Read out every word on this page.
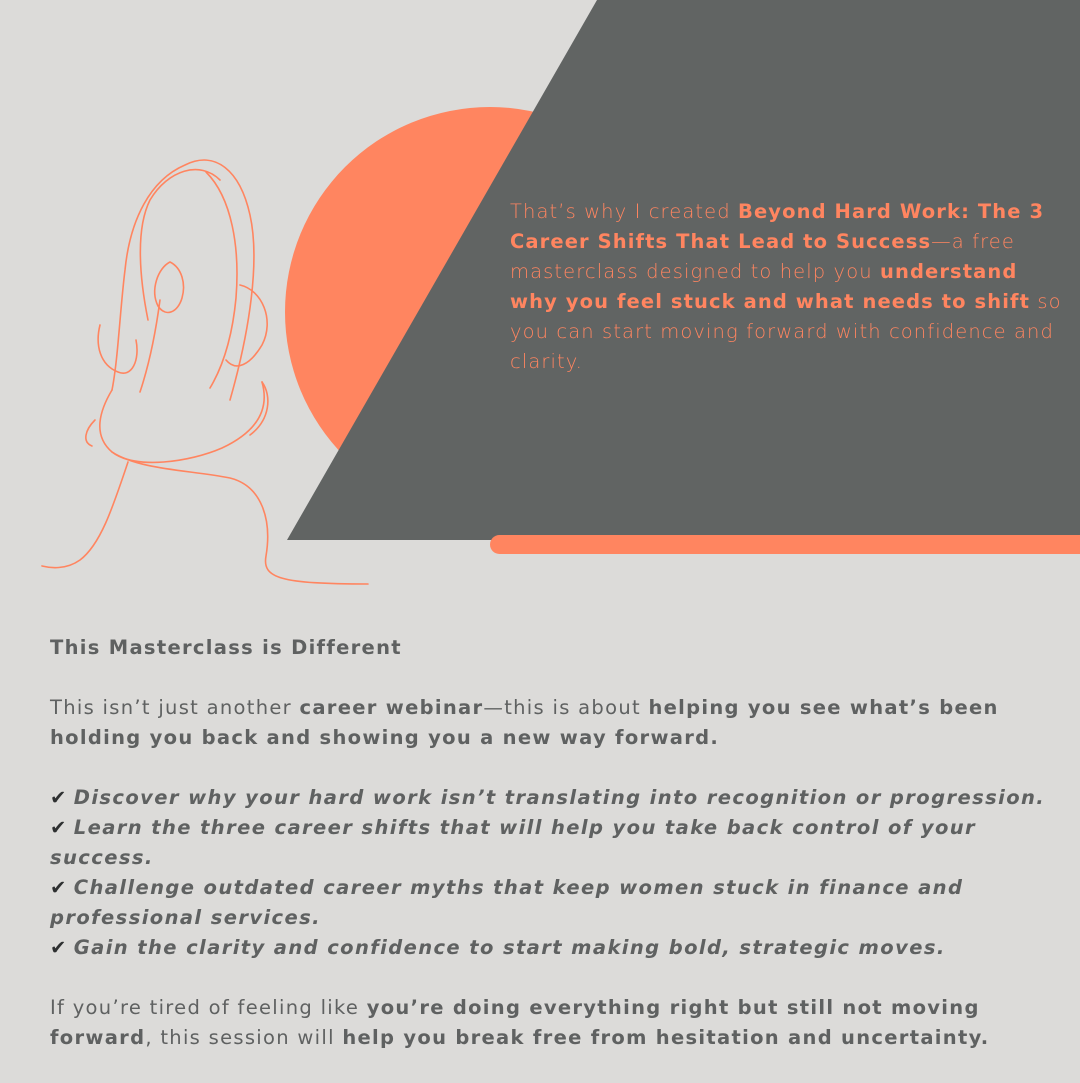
That’s why I created Beyond Hard Work: The 3 Career Shifts That Lead to Success—a free masterclass designed to help you understand why you feel stuck and what needs to shift so you can start moving forward with confidence and clarity.
This Masterclass is Different
This isn’t just another career webinar—this is about helping you see what’s been holding you back and showing you a new way forward.
✔ Discover why your hard work isn’t translating into recognition or progression.
✔ Learn the three career shifts that will help you take back control of your success.
✔ Challenge outdated career myths that keep women stuck in finance and professional services.
✔ Gain the clarity and confidence to start making bold, strategic moves.
If you’re tired of feeling like you’re doing everything right but still not moving forward, this session will help you break free from hesitation and uncertainty.
